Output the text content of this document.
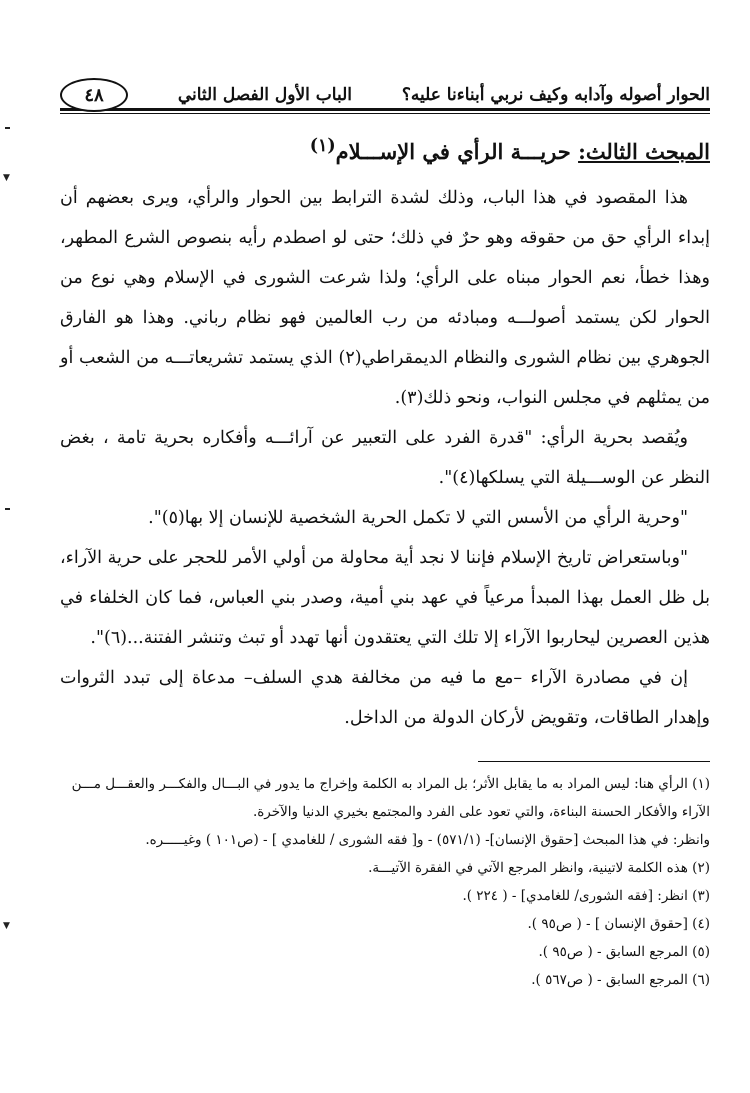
الحوار أصوله وآدابه وكيف نربي أبناءنا عليه؟
الباب الأول الفصل الثاني
٤٨
المبحث الثالث: حريـــة الرأي في الإســـلام$^{(١)}$

هذا المقصود في هذا الباب، وذلك لشدة الترابط بين الحوار والرأي، ويرى بعضهم أن إبداء الرأي حق من حقوقه وهو حرٌ في ذلك؛ حتى لو اصطدم رأيه بنصوص الشرع المطهر، وهذا خطأ، نعم الحوار مبناه على الرأي؛ ولذا شرعت الشورى في الإسلام وهي نوع من الحوار لكن يستمد أصولـــه ومبادئه من رب العالمين فهو نظام رباني. وهذا هو الفارق الجوهري بين نظام الشورى والنظام الديمقراطي(٢) الذي يستمد تشريعاتـــه من الشعب أو من يمثلهم في مجلس النواب، ونحو ذلك(٣).

ويُقصد بحرية الرأي: "قدرة الفرد على التعبير عن آرائـــه وأفكاره بحرية تامة ، بغض النظر عن الوســـيلة التي يسلكها(٤)".

"وحرية الرأي من الأسس التي لا تكمل الحرية الشخصية للإنسان إلا بها(٥)".

"وباستعراض تاريخ الإسلام فإننا لا نجد أية محاولة من أولي الأمر للحجر على حرية الآراء، بل ظل العمل بهذا المبدأ مرعياً في عهد بني أمية، وصدر بني العباس، فما كان الخلفاء في هذين العصرين ليحاربوا الآراء إلا تلك التي يعتقدون أنها تهدد أو تبث وتنشر الفتنة...(٦)".

إن في مصادرة الآراء –مع ما فيه من مخالفة هدي السلف– مدعاة إلى تبدد الثروات وإهدار الطاقات، وتقويض لأركان الدولة من الداخل.

(١) الرأي هنا: ليس المراد به ما يقابل الأثر؛ بل المراد به الكلمة وإخراج ما يدور في البـــال والفكـــر والعقـــل مـــن الآراء والأفكار الحسنة البناءة، والتي تعود على الفرد والمجتمع بخيري الدنيا والآخرة.

وانظر: في هذا المبحث [حقوق الإنسان]- (٥٧١/١) - و[ فقه الشورى / للغامدي ] - (ص١٠١ ) وغيـــــره.

(٢) هذه الكلمة لاتينية، وانظر المرجع الآتي في الفقرة الآتيـــة.

(٣) انظر: [فقه الشورى/ للغامدي] - ( ٢٢٤ ).

(٤) [حقوق الإنسان ] - ( ص٩٥ ).

(٥) المرجع السابق - ( ص٩٥ ).

(٦) المرجع السابق - ( ص٥٦٧ ).

▼
▼
